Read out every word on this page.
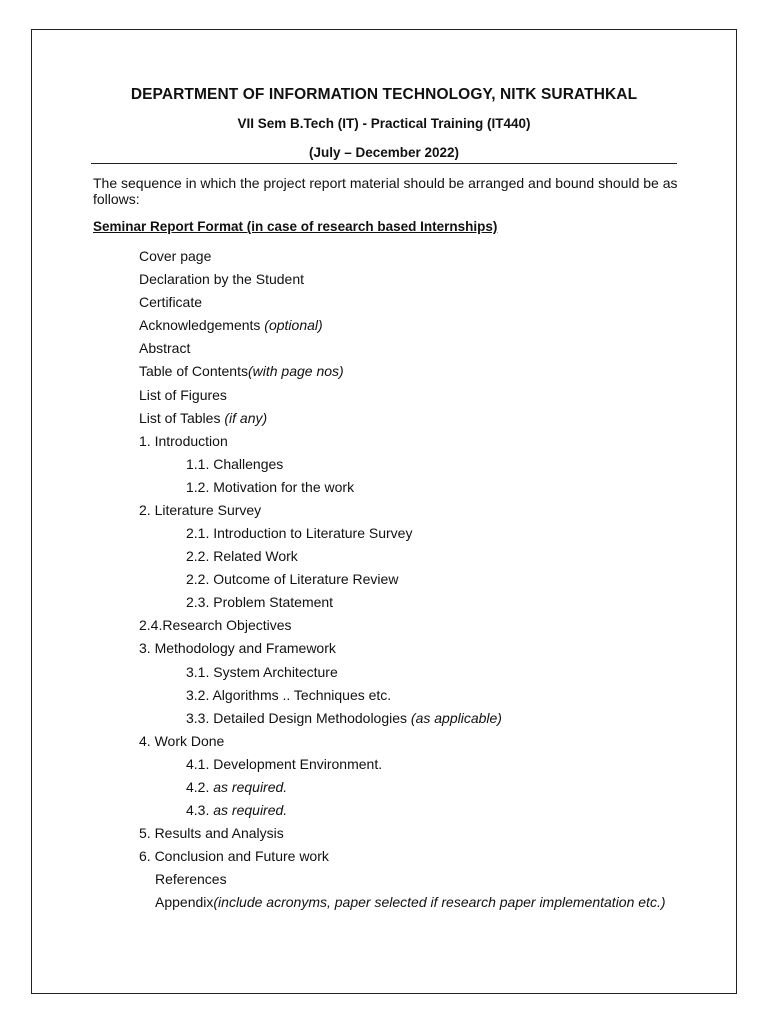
DEPARTMENT OF INFORMATION TECHNOLOGY, NITK SURATHKAL
VII Sem B.Tech (IT) - Practical Training (IT440)
(July – December 2022)
The sequence in which the project report material should be arranged and bound should be as follows:
Seminar Report Format (in case of research based Internships)
Cover page
Declaration by the Student
Certificate
Acknowledgements (optional)
Abstract
Table of Contents(with page nos)
List of Figures
List of Tables (if any)
1. Introduction
1.1. Challenges
1.2. Motivation for the work
2. Literature Survey
2.1. Introduction to Literature Survey
2.2. Related Work
2.2. Outcome of Literature Review
2.3. Problem Statement
2.4.Research Objectives
3. Methodology and Framework
3.1. System Architecture
3.2. Algorithms .. Techniques etc.
3.3. Detailed Design Methodologies (as applicable)
4. Work Done
4.1. Development Environment.
4.2. as required.
4.3. as required.
5. Results and Analysis
6. Conclusion and Future work
References
Appendix(include acronyms, paper selected if research paper implementation etc.)
